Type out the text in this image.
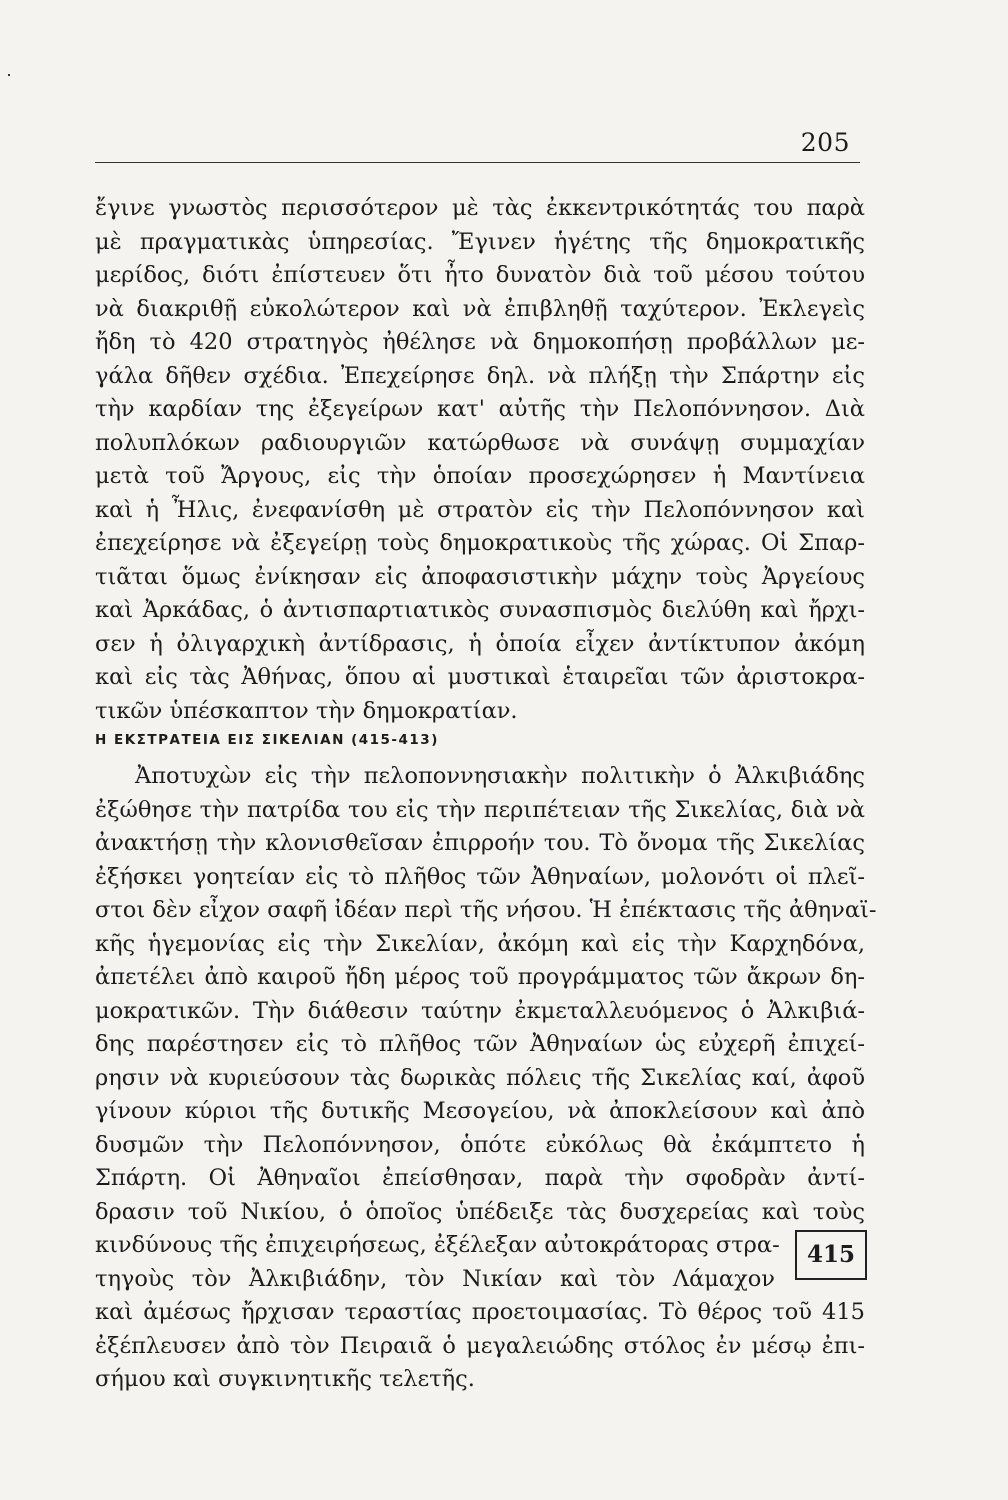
205
ἔγινε γνωστὸς περισσότερον μὲ τὰς ἐκκεντρικότητάς του παρὰ
μὲ πραγματικὰς ὑπηρεσίας. Ἔγινεν ἡγέτης τῆς δημοκρατικῆς
μερίδος, διότι ἐπίστευεν ὅτι ἦτο δυνατὸν διὰ τοῦ μέσου τούτου
νὰ διακριθῇ εὐκολώτερον καὶ νὰ ἐπιβληθῇ ταχύτερον. Ἐκλεγεὶς
ἤδη τὸ 420 στρατηγὸς ἠθέλησε νὰ δημοκοπήσῃ προβάλλων με-
γάλα δῆθεν σχέδια. Ἐπεχείρησε δηλ. νὰ πλήξῃ τὴν Σπάρτην εἰς
τὴν καρδίαν της ἐξεγείρων κατ' αὐτῆς τὴν Πελοπόννησον. Διὰ
πολυπλόκων ραδιουργιῶν κατώρθωσε νὰ συνάψῃ συμμαχίαν
μετὰ τοῦ Ἄργους, εἰς τὴν ὁποίαν προσεχώρησεν ἡ Μαντίνεια
καὶ ἡ Ἦλις, ἐνεφανίσθη μὲ στρατὸν εἰς τὴν Πελοπόννησον καὶ
ἐπεχείρησε νὰ ἐξεγείρῃ τοὺς δημοκρατικοὺς τῆς χώρας. Οἱ Σπαρ-
τιᾶται ὅμως ἐνίκησαν εἰς ἀποφασιστικὴν μάχην τοὺς Ἀργείους
καὶ Ἀρκάδας, ὁ ἀντισπαρτιατικὸς συνασπισμὸς διελύθη καὶ ἤρχι-
σεν ἡ ὀλιγαρχικὴ ἀντίδρασις, ἡ ὁποία εἶχεν ἀντίκτυπον ἀκόμη
καὶ εἰς τὰς Ἀθήνας, ὅπου αἱ μυστικαὶ ἑταιρεῖαι τῶν ἀριστοκρα-
τικῶν ὑπέσκαπτον τὴν δημοκρατίαν.
Η ΕΚΣΤΡΑΤΕΙΑ ΕΙΣ ΣΙΚΕΛΙΑΝ (415-413)
Ἀποτυχὼν εἰς τὴν πελοποννησιακὴν πολιτικὴν ὁ Ἀλκιβιάδης
ἐξώθησε τὴν πατρίδα του εἰς τὴν περιπέτειαν τῆς Σικελίας, διὰ νὰ
ἀνακτήσῃ τὴν κλονισθεῖσαν ἐπιρροήν του. Τὸ ὄνομα τῆς Σικελίας
ἐξήσκει γοητείαν εἰς τὸ πλῆθος τῶν Ἀθηναίων, μολονότι οἱ πλεῖ-
στοι δὲν εἶχον σαφῆ ἰδέαν περὶ τῆς νήσου. Ἡ ἐπέκτασις τῆς ἀθηναϊ-
κῆς ἡγεμονίας εἰς τὴν Σικελίαν, ἀκόμη καὶ εἰς τὴν Καρχηδόνα,
ἀπετέλει ἀπὸ καιροῦ ἤδη μέρος τοῦ προγράμματος τῶν ἄκρων δη-
μοκρατικῶν. Τὴν διάθεσιν ταύτην ἐκμεταλλευόμενος ὁ Ἀλκιβιά-
δης παρέστησεν εἰς τὸ πλῆθος τῶν Ἀθηναίων ὡς εὐχερῆ ἐπιχεί-
ρησιν νὰ κυριεύσουν τὰς δωρικὰς πόλεις τῆς Σικελίας καί, ἀφοῦ
γίνουν κύριοι τῆς δυτικῆς Μεσογείου, νὰ ἀποκλείσουν καὶ ἀπὸ
δυσμῶν τὴν Πελοπόννησον, ὁπότε εὐκόλως θὰ ἐκάμπτετο ἡ
Σπάρτη. Οἱ Ἀθηναῖοι ἐπείσθησαν, παρὰ τὴν σφοδρὰν ἀντί-
δρασιν τοῦ Νικίου, ὁ ὁποῖος ὑπέδειξε τὰς δυσχερείας καὶ τοὺς
κινδύνους τῆς ἐπιχειρήσεως, ἐξέλεξαν αὐτοκράτορας στρα-
τηγοὺς τὸν Ἀλκιβιάδην, τὸν Νικίαν καὶ τὸν Λάμαχον
καὶ ἀμέσως ἤρχισαν τεραστίας προετοιμασίας. Τὸ θέρος τοῦ 415
ἐξέπλευσεν ἀπὸ τὸν Πειραιᾶ ὁ μεγαλειώδης στόλος ἐν μέσῳ ἐπι-
σήμου καὶ συγκινητικῆς τελετῆς.
415
